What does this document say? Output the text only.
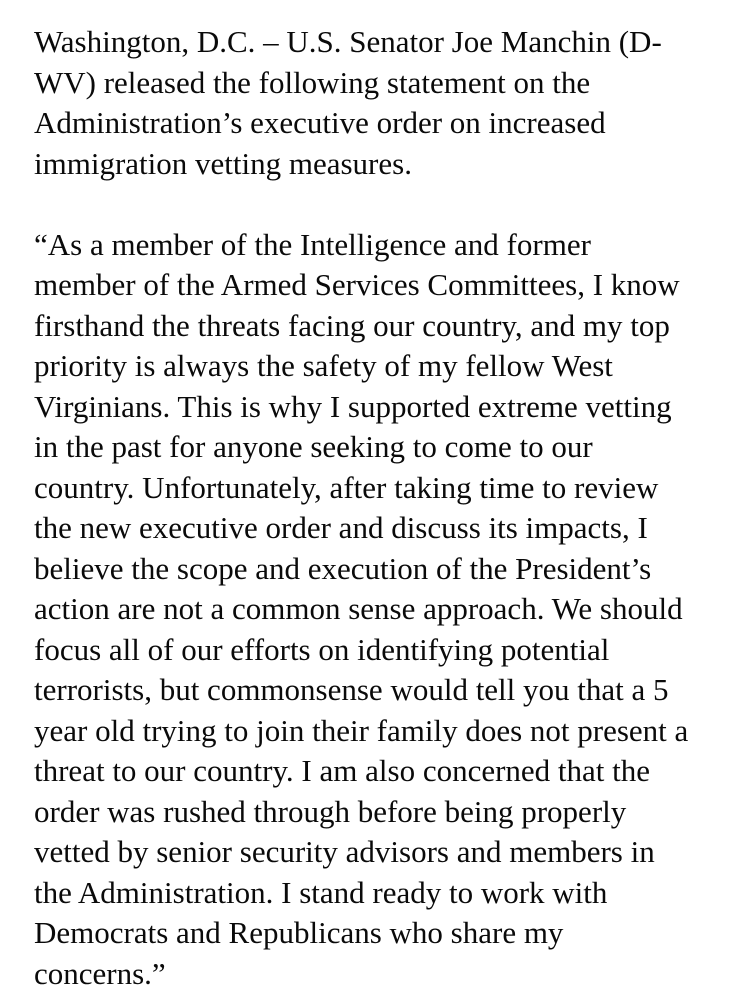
Washington, D.C. – U.S. Senator Joe Manchin (D-
WV) released the following statement on the
Administration’s executive order on increased
immigration vetting measures.

“As a member of the Intelligence and former
member of the Armed Services Committees, I know
firsthand the threats facing our country, and my top
priority is always the safety of my fellow West
Virginians. This is why I supported extreme vetting
in the past for anyone seeking to come to our
country. Unfortunately, after taking time to review
the new executive order and discuss its impacts, I
believe the scope and execution of the President’s
action are not a common sense approach. We should
focus all of our efforts on identifying potential
terrorists, but commonsense would tell you that a 5
year old trying to join their family does not present a
threat to our country. I am also concerned that the
order was rushed through before being properly
vetted by senior security advisors and members in
the Administration. I stand ready to work with
Democrats and Republicans who share my
concerns.”
